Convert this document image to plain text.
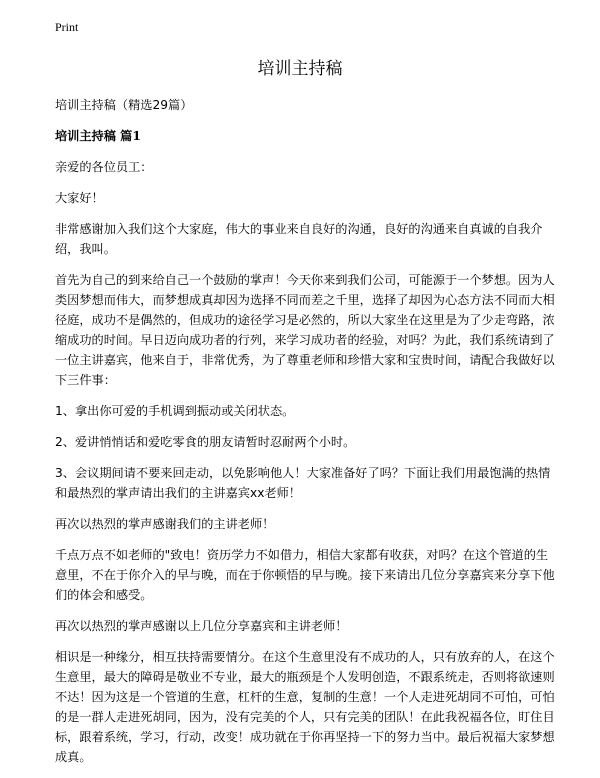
Print
培训主持稿

培训主持稿（精选29篇）

培训主持稿 篇1

亲爱的各位员工：

大家好！

非常感谢加入我们这个大家庭，伟大的事业来自良好的沟通，良好的沟通来自真诚的自我介绍，我叫。

首先为自己的到来给自己一个鼓励的掌声！今天你来到我们公司，可能源于一个梦想。因为人类因梦想而伟大，而梦想成真却因为选择不同而差之千里，选择了却因为心态方法不同而大相径庭，成功不是偶然的，但成功的途径学习是必然的，所以大家坐在这里是为了少走弯路，浓缩成功的时间。早日迈向成功者的行列，来学习成功者的经验，对吗？为此，我们系统请到了一位主讲嘉宾，他来自于，非常优秀，为了尊重老师和珍惜大家和宝贵时间，请配合我做好以下三件事：

1、拿出你可爱的手机调到振动或关闭状态。

2、爱讲悄悄话和爱吃零食的朋友请暂时忍耐两个小时。

3、会议期间请不要来回走动，以免影响他人！大家准备好了吗？下面让我们用最饱满的热情和最热烈的掌声请出我们的主讲嘉宾xx老师！

再次以热烈的掌声感谢我们的主讲老师！

千点万点不如老师的"致电！资历学力不如借力，相信大家都有收获，对吗？在这个管道的生意里，不在于你介入的早与晚，而在于你顿悟的早与晚。接下来请出几位分享嘉宾来分享下他们的体会和感受。

再次以热烈的掌声感谢以上几位分享嘉宾和主讲老师！

相识是一种缘分，相互扶持需要情分。在这个生意里没有不成功的人，只有放弃的人，在这个生意里，最大的障碍是敬业不专业，最大的瓶颈是个人发明创造，不跟系统走，否则将欲速则不达！因为这是一个管道的生意，杠杆的生意，复制的生意！一个人走进死胡同不可怕，可怕的是一群人走进死胡同，因为，没有完美的个人，只有完美的团队！在此我祝福各位，盯住目标，跟着系统，学习，行动，改变！成功就在于你再坚持一下的努力当中。最后祝福大家梦想成真。
